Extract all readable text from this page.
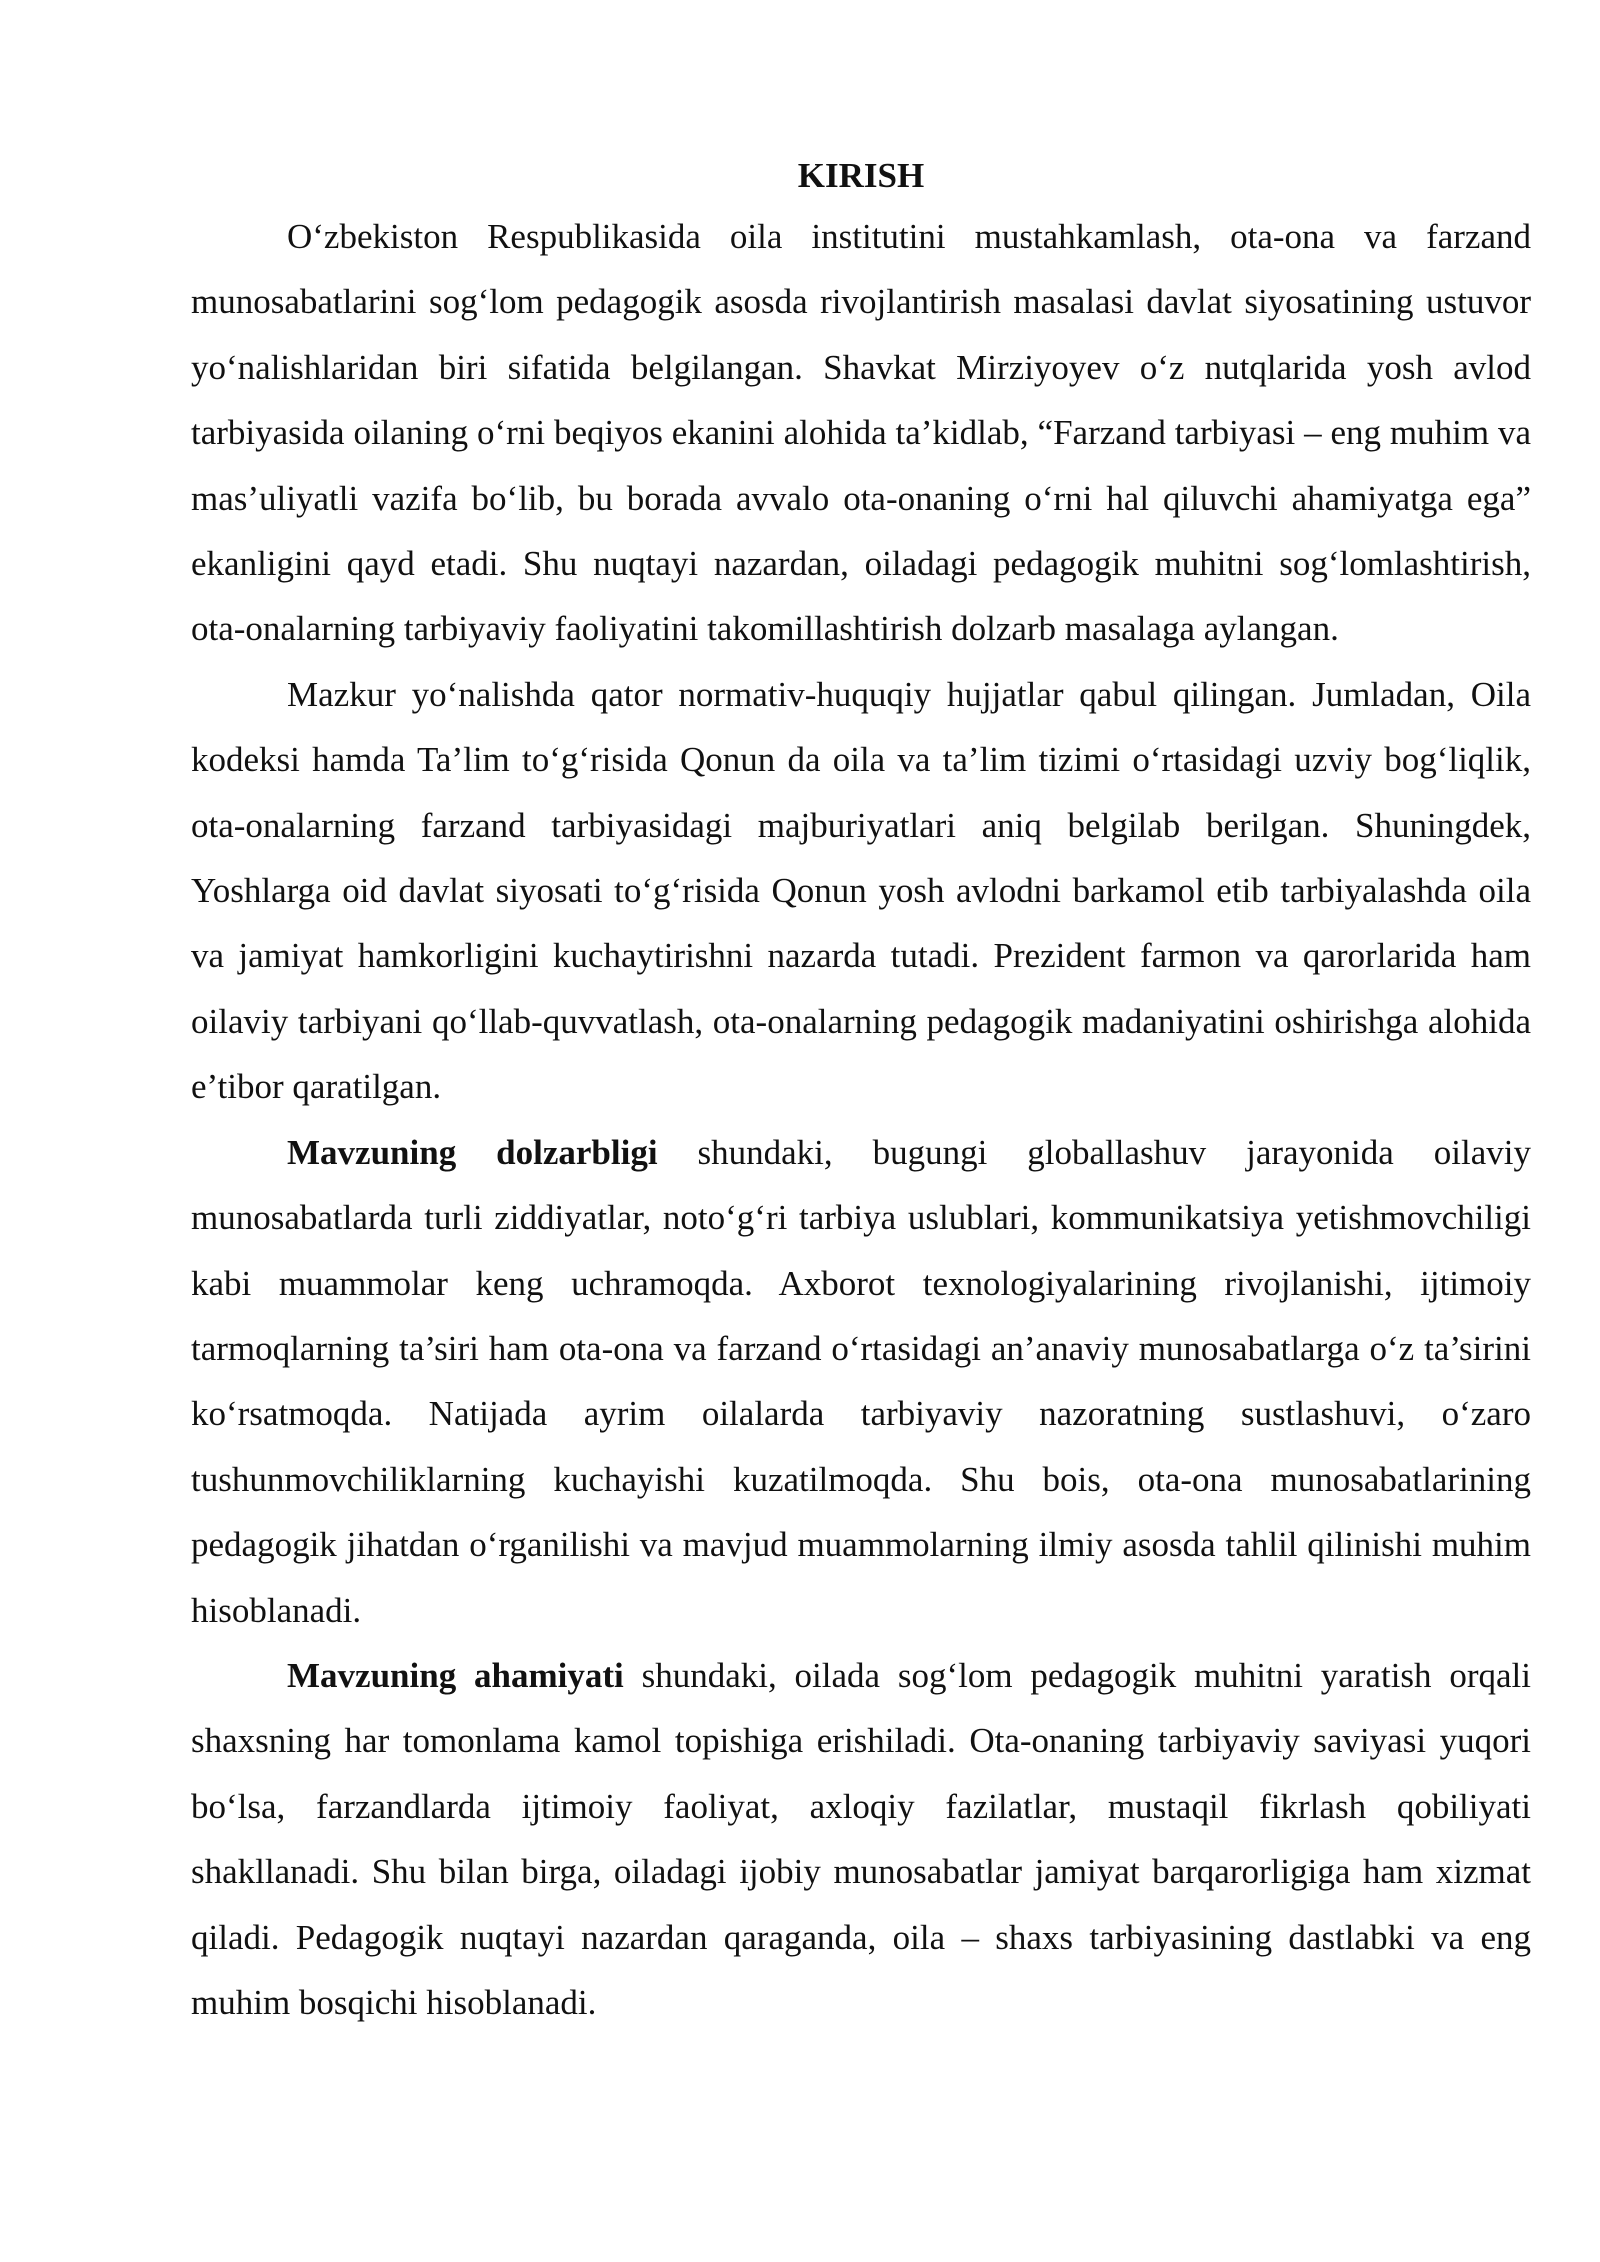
KIRISH

O‘zbekiston Respublikasida oila institutini mustahkamlash, ota-ona va farzand munosabatlarini sog‘lom pedagogik asosda rivojlantirish masalasi davlat siyosatining ustuvor yo‘nalishlaridan biri sifatida belgilangan. Shavkat Mirziyoyev o‘z nutqlarida yosh avlod tarbiyasida oilaning o‘rni beqiyos ekanini alohida ta’kidlab, “Farzand tarbiyasi – eng muhim va mas’uliyatli vazifa bo‘lib, bu borada avvalo ota-onaning o‘rni hal qiluvchi ahamiyatga ega” ekanligini qayd etadi. Shu nuqtayi nazardan, oiladagi pedagogik muhitni sog‘lomlashtirish, ota-onalarning tarbiyaviy faoliyatini takomillashtirish dolzarb masalaga aylangan.

Mazkur yo‘nalishda qator normativ-huquqiy hujjatlar qabul qilingan. Jumladan, Oila kodeksi hamda Ta’lim to‘g‘risida Qonun da oila va ta’lim tizimi o‘rtasidagi uzviy bog‘liqlik, ota-onalarning farzand tarbiyasidagi majburiyatlari aniq belgilab berilgan. Shuningdek, Yoshlarga oid davlat siyosati to‘g‘risida Qonun yosh avlodni barkamol etib tarbiyalashda oila va jamiyat hamkorligini kuchaytirishni nazarda tutadi. Prezident farmon va qarorlarida ham oilaviy tarbiyani qo‘llab-quvvatlash, ota-onalarning pedagogik madaniyatini oshirishga alohida e’tibor qaratilgan.

Mavzuning dolzarbligi shundaki, bugungi globallashuv jarayonida oilaviy munosabatlarda turli ziddiyatlar, noto‘g‘ri tarbiya uslublari, kommunikatsiya yetishmovchiligi kabi muammolar keng uchramoqda. Axborot texnologiyalarining rivojlanishi, ijtimoiy tarmoqlarning ta’siri ham ota-ona va farzand o‘rtasidagi an’anaviy munosabatlarga o‘z ta’sirini ko‘rsatmoqda. Natijada ayrim oilalarda tarbiyaviy nazoratning sustlashuvi, o‘zaro tushunmovchiliklarning kuchayishi kuzatilmoqda. Shu bois, ota-ona munosabatlarining pedagogik jihatdan o‘rganilishi va mavjud muammolarning ilmiy asosda tahlil qilinishi muhim hisoblanadi.

Mavzuning ahamiyati shundaki, oilada sog‘lom pedagogik muhitni yaratish orqali shaxsning har tomonlama kamol topishiga erishiladi. Ota-onaning tarbiyaviy saviyasi yuqori bo‘lsa, farzandlarda ijtimoiy faoliyat, axloqiy fazilatlar, mustaqil fikrlash qobiliyati shakllanadi. Shu bilan birga, oiladagi ijobiy munosabatlar jamiyat barqarorligiga ham xizmat qiladi. Pedagogik nuqtayi nazardan qaraganda, oila – shaxs tarbiyasining dastlabki va eng muhim bosqichi hisoblanadi.
